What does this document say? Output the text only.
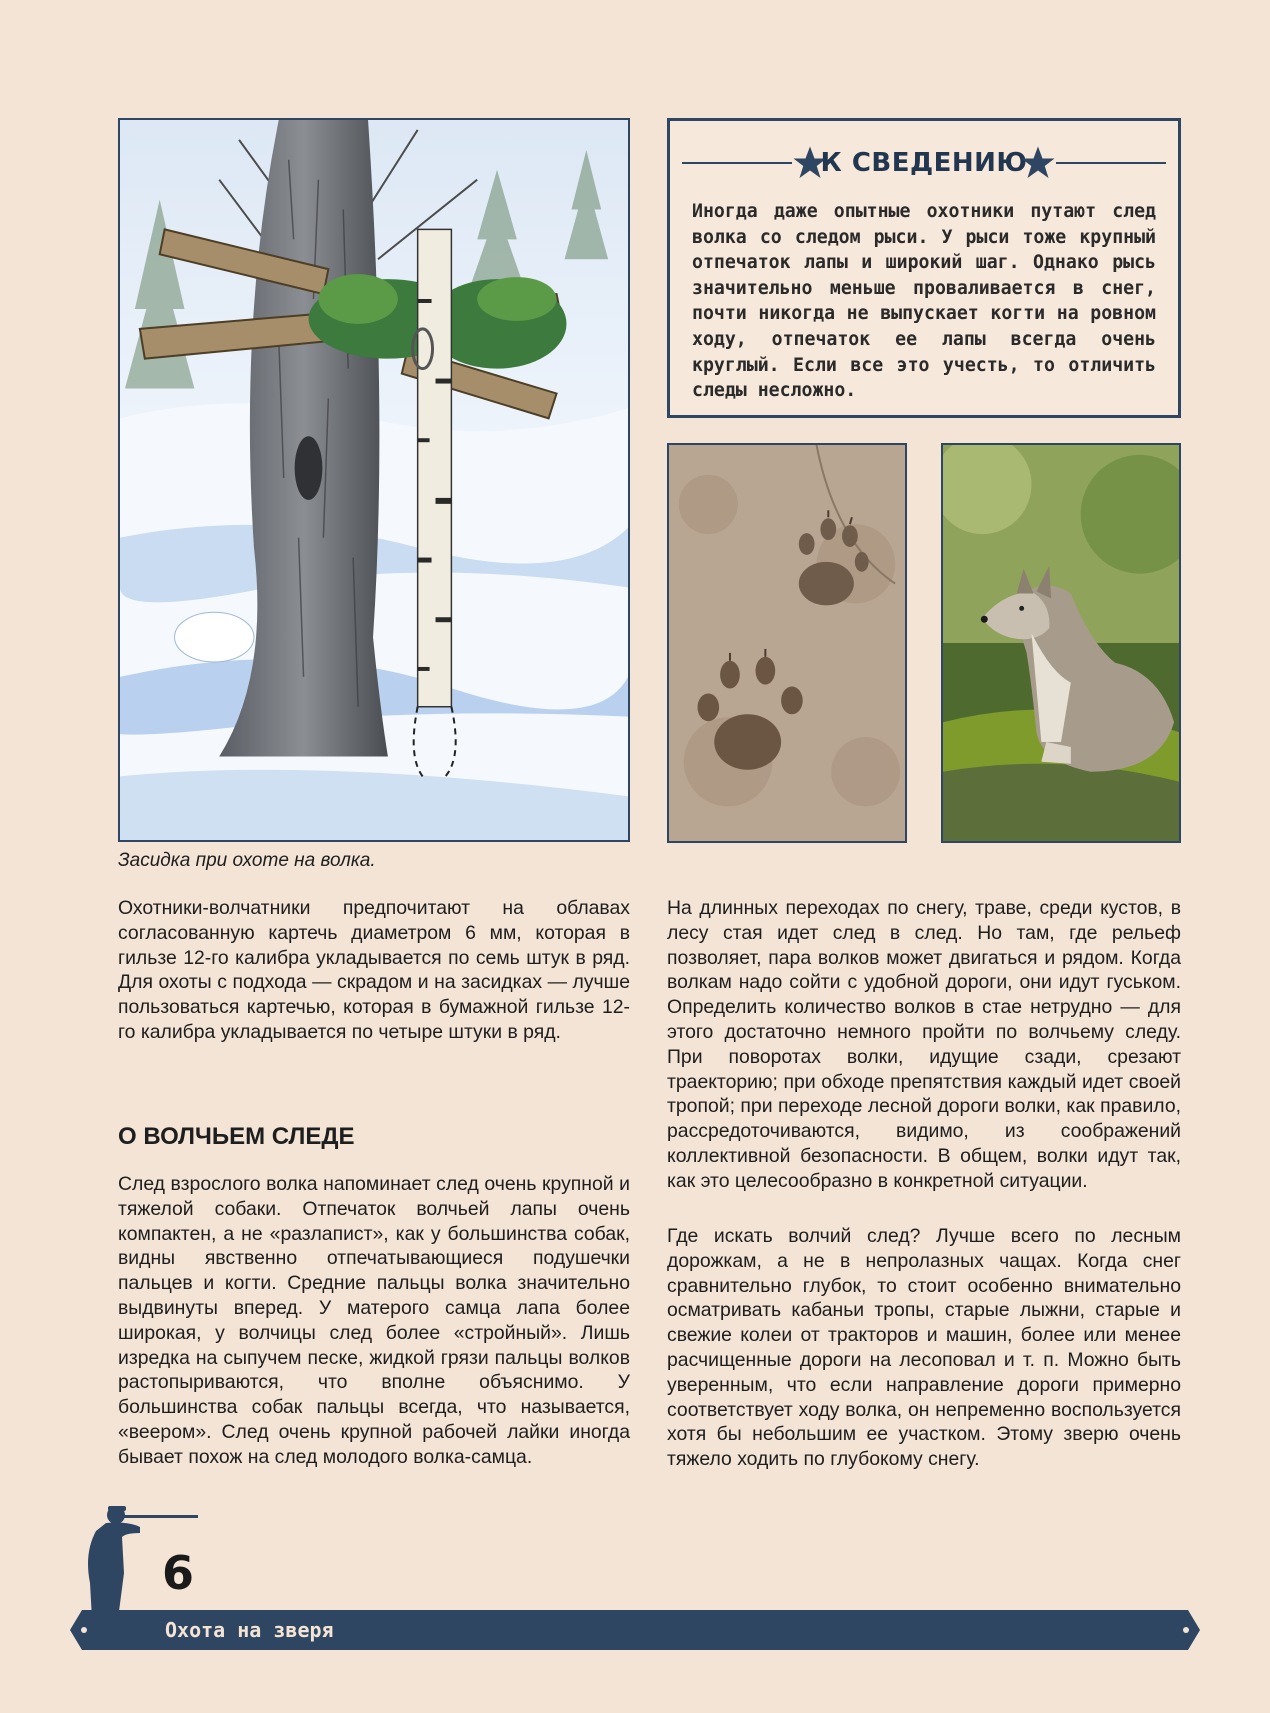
Засидка при охоте на волка.
К СВЕДЕНИЮ
Иногда даже опытные охотники путают след волка со следом рыси. У рыси тоже крупный отпечаток лапы и широкий шаг. Однако рысь значительно меньше проваливается в снег, почти никогда не выпускает когти на ровном ходу, отпечаток ее лапы всегда очень круглый. Если все это учесть, то отличить следы несложно.
Охотники-волчатники предпочитают на облавах согласованную картечь диаметром 6 мм, которая в гильзе 12-го калибра укладывается по семь штук в ряд. Для охоты с подхода — скрадом и на засидках — лучше пользоваться картечью, которая в бумажной гильзе 12-го калибра укладывается по четыре штуки в ряд.
О ВОЛЧЬЕМ СЛЕДЕ
След взрослого волка напоминает след очень крупной и тяжелой собаки. Отпечаток волчьей лапы очень компактен, а не «разлапист», как у большинства собак, видны явственно отпечатывающиеся подушечки пальцев и когти. Средние пальцы волка значительно выдвинуты вперед. У матерого самца лапа более широкая, у волчицы след более «стройный». Лишь изредка на сыпучем песке, жидкой грязи пальцы волков растопыриваются, что вполне объяснимо. У большинства собак пальцы всегда, что называется, «веером». След очень крупной рабочей лайки иногда бывает похож на след молодого волка-самца.
На длинных переходах по снегу, траве, среди кустов, в лесу стая идет след в след. Но там, где рельеф позволяет, пара волков может двигаться и рядом. Когда волкам надо сойти с удобной дороги, они идут гуськом. Определить количество волков в стае нетрудно — для этого достаточно немного пройти по волчьему следу. При поворотах волки, идущие сзади, срезают траекторию; при обходе препятствия каждый идет своей тропой; при переходе лесной дороги волки, как правило, рассредоточиваются, видимо, из соображений коллективной безопасности. В общем, волки идут так, как это целесообразно в конкретной ситуации.
Где искать волчий след? Лучше всего по лесным дорожкам, а не в непролазных чащах. Когда снег сравнительно глубок, то стоит особенно внимательно осматривать кабаньи тропы, старые лыжни, старые и свежие колеи от тракторов и машин, более или менее расчищенные дороги на лесоповал и т. п. Можно быть уверенным, что если направление дороги примерно соответствует ходу волка, он непременно воспользуется хотя бы небольшим ее участком. Этому зверю очень тяжело ходить по глубокому снегу.
6
Охота на зверя
